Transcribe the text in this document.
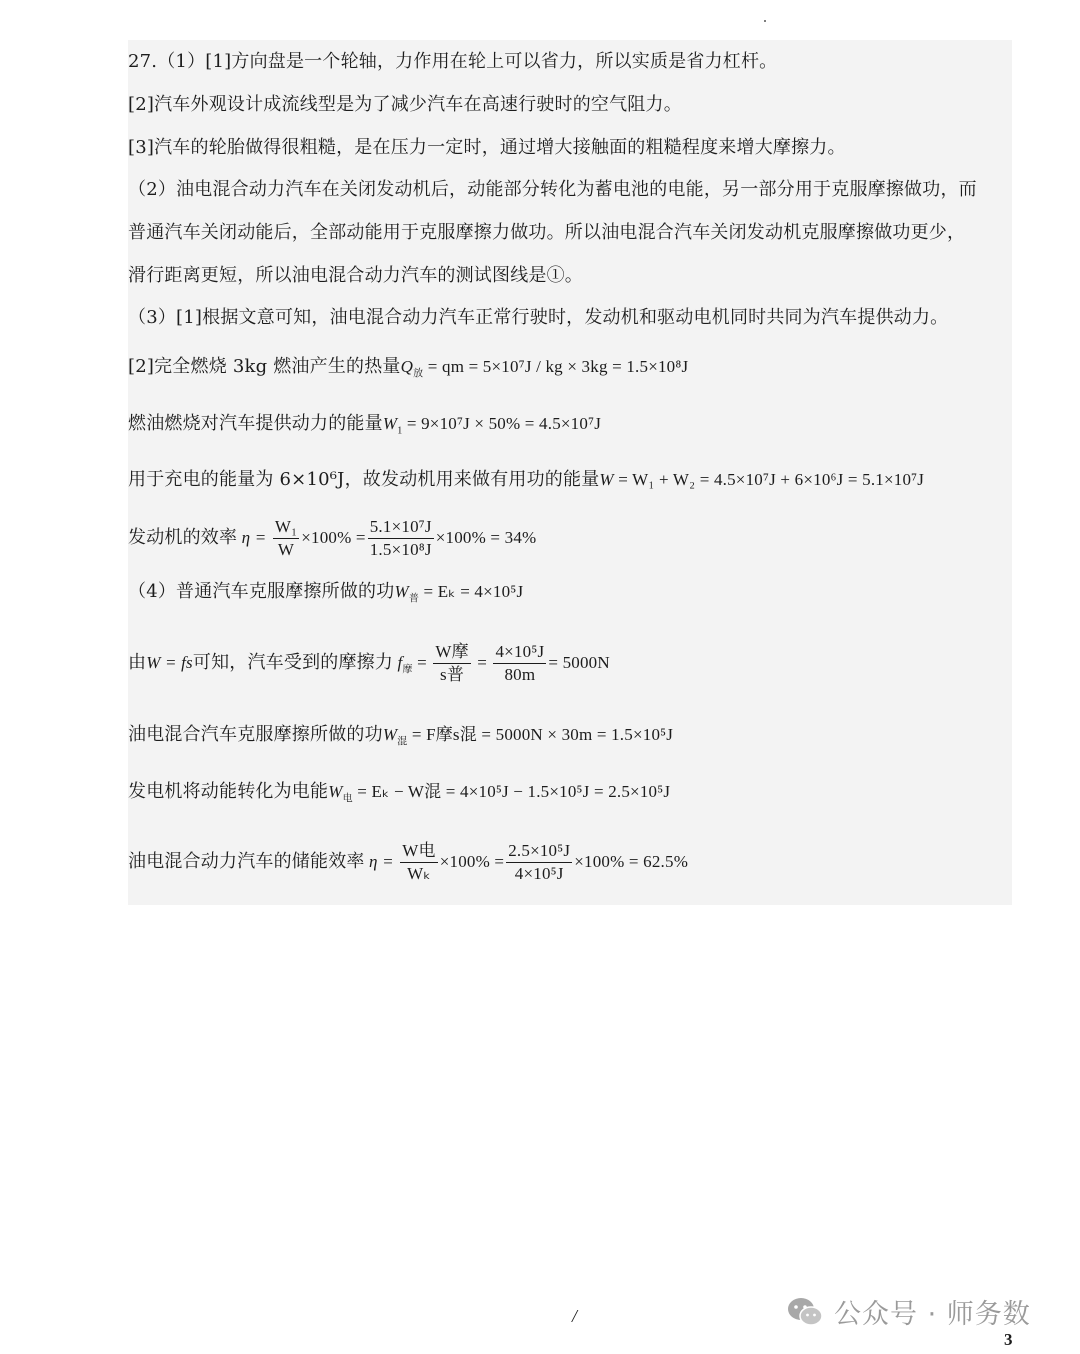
27.（1）[1]方向盘是一个轮轴，力作用在轮上可以省力，所以实质是省力杠杆。
[2]汽车外观设计成流线型是为了减少汽车在高速行驶时的空气阻力。
[3]汽车的轮胎做得很粗糙，是在压力一定时，通过增大接触面的粗糙程度来增大摩擦力。
（2）油电混合动力汽车在关闭发动机后，动能部分转化为蓄电池的电能，另一部分用于克服摩擦做功，而
普通汽车关闭动能后，全部动能用于克服摩擦力做功。所以油电混合汽车关闭发动机克服摩擦做功更少，
滑行距离更短，所以油电混合动力汽车的测试图线是①。
（3）[1]根据文意可知，油电混合动力汽车正常行驶时，发动机和驱动电机同时共同为汽车提供动力。
[2]完全燃烧 3kg 燃油产生的热量$Q_放$ = qm = 5×10⁷J / kg × 3kg = 1.5×10⁸J
燃油燃烧对汽车提供动力的能量$W_1 = 9\times 10^7J \times 50\% = 4.5\times 10^7J$
用于充电的能量为 6×10⁶J，故发动机用来做有用功的能量W = W₁ + W₂ = 4.5×10⁷J + 6×10⁶J = 5.1×10⁷J
发动机的效率 $\eta = \frac{\text{W₁}}{W} \times 100\% = \frac{\text{5.1×10⁷J}}{\text{1.5×10⁸J}} \times 100\% = 34\%$
（4）普通汽车克服摩擦所做的功$W_普 = E_k = 4\times 10^5J$
由W = fs可知，汽车受到的摩擦力 $f_摩 = \frac{\text{W摩}}{\text{s普}} = \frac{\text{4×10⁵J}}{80m} = 5000N$
油电混合汽车克服摩擦所做的功$W_混 = F$摩s混 = 5000N × 30m = 1.5×10⁵J
发电机将动能转化为电能$W_电 = E_k - W$混 = 4×10⁵J − 1.5×10⁵J = 2.5×10⁵J
油电混合动力汽车的储能效率 $\eta = \frac{\text{W电}}{\text{Wₖ}} \times 100\% = \frac{\text{2.5×10⁵J}}{\text{4×10⁵J}} \times 100\% = 62.5\%$
/	公众号 · 师务数
3
